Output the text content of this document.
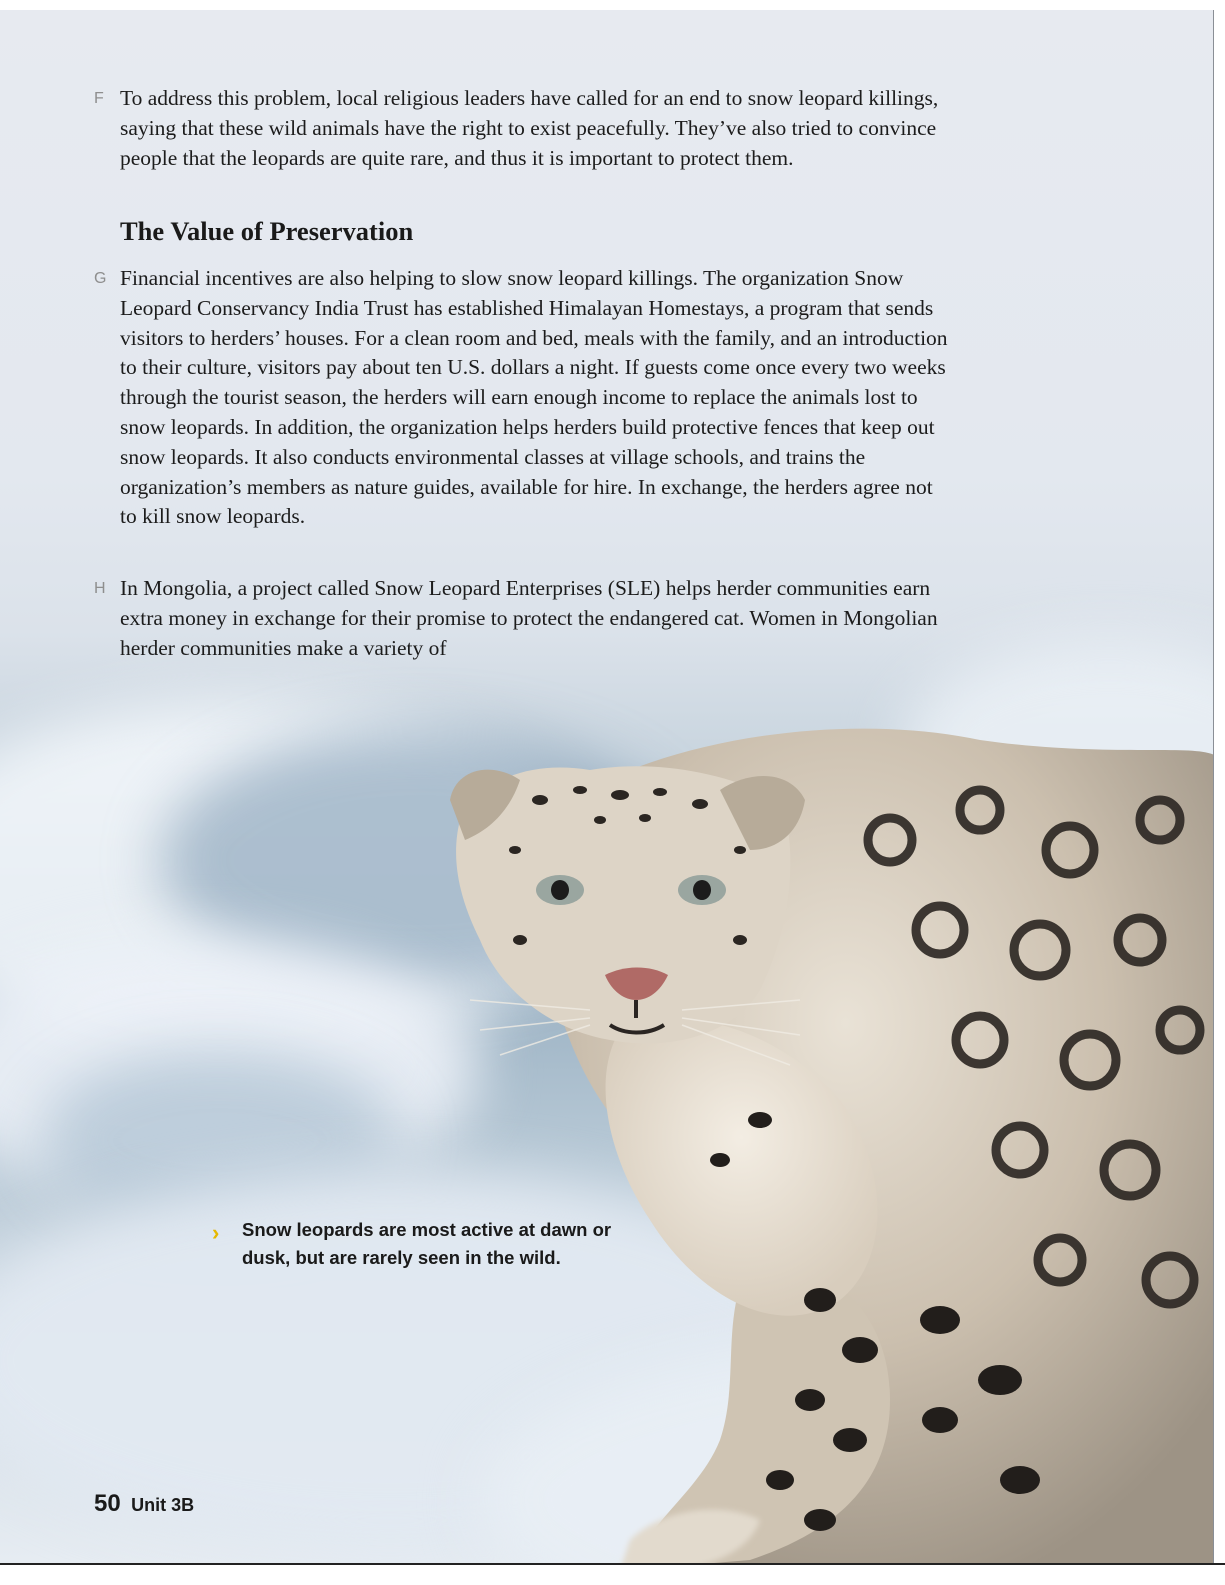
F To address this problem, local religious leaders have called for an end to snow leopard killings, saying that these wild animals have the right to exist peacefully. They’ve also tried to convince people that the leopards are quite rare, and thus it is important to protect them.

The Value of Preservation
G Financial incentives are also helping to slow snow leopard killings. The organization Snow Leopard Conservancy India Trust has established Himalayan Homestays, a program that sends visitors to herders’ houses. For a clean room and bed, meals with the family, and an introduction to their culture, visitors pay about ten U.S. dollars a night. If guests come once every two weeks through the tourist season, the herders will earn enough income to replace the animals lost to snow leopards. In addition, the organization helps herders build protective fences that keep out snow leopards. It also conducts environmental classes at village schools, and trains the organization’s members as nature guides, available for hire. In exchange, the herders agree not to kill snow leopards.

H In Mongolia, a project called Snow Leopard Enterprises (SLE) helps herder communities earn extra money in exchange for their promise to protect the endangered cat. Women in Mongolian herder communities make a variety of

› Snow leopards are most active at dawn or dusk, but are rarely seen in the wild.

50 Unit 3B
